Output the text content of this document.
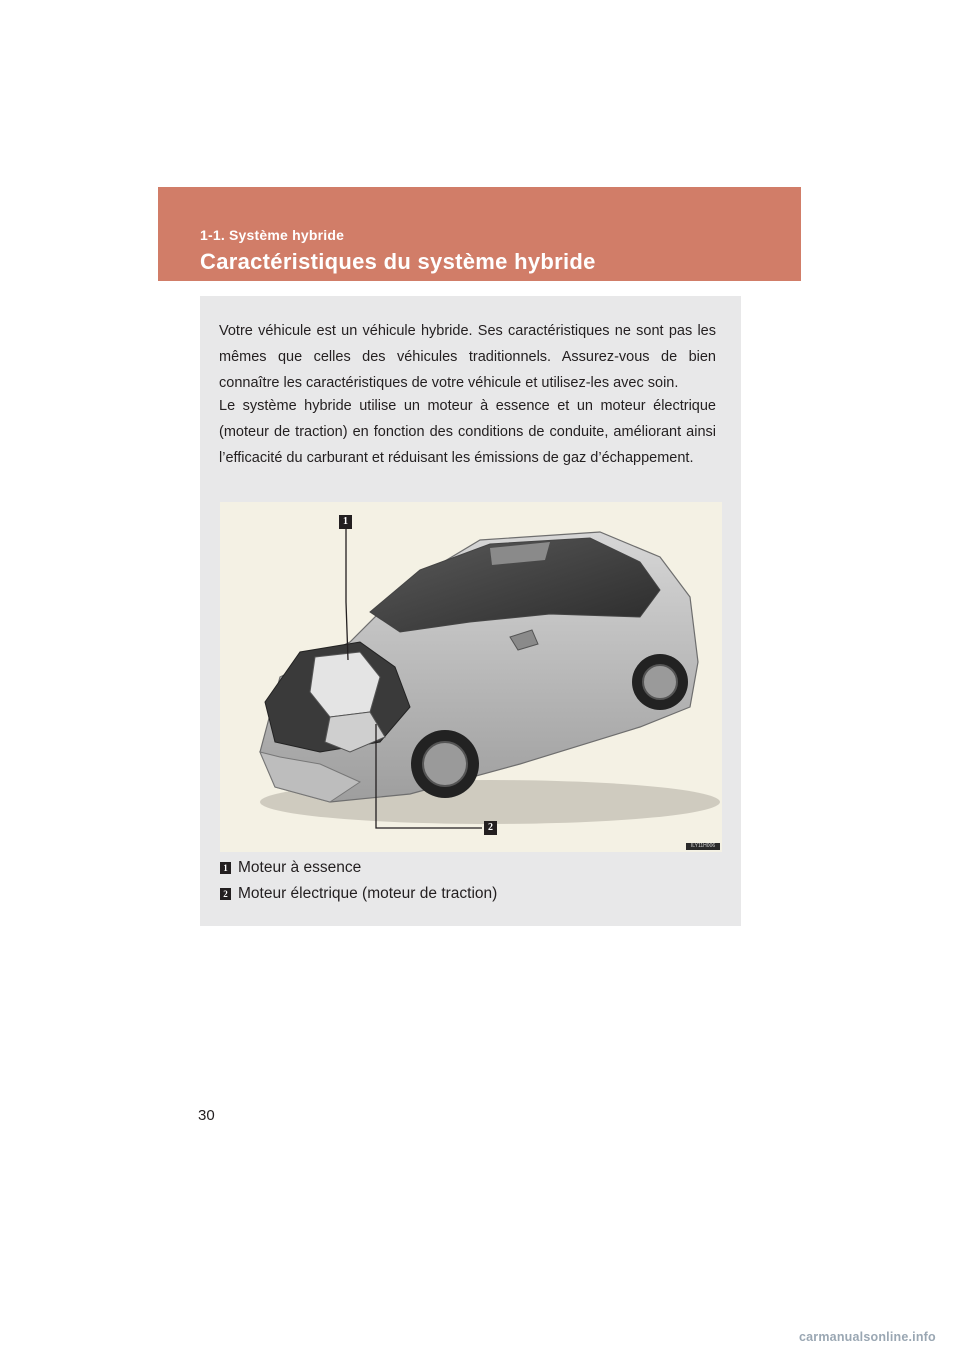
1-1. Système hybride
Caractéristiques du système hybride

Votre véhicule est un véhicule hybride. Ses caractéristiques ne sont pas les mêmes que celles des véhicules traditionnels. Assurez-vous de bien connaître les caractéristiques de votre véhicule et utilisez-les avec soin.

Le système hybride utilise un moteur à essence et un moteur électrique (moteur de traction) en fonction des conditions de conduite, améliorant ainsi l’efficacité du carburant et réduisant les émissions de gaz d’échappement.

1
2
ILY11H006
1 Moteur à essence
2 Moteur électrique (moteur de traction)
30
carmanualsonline.info
